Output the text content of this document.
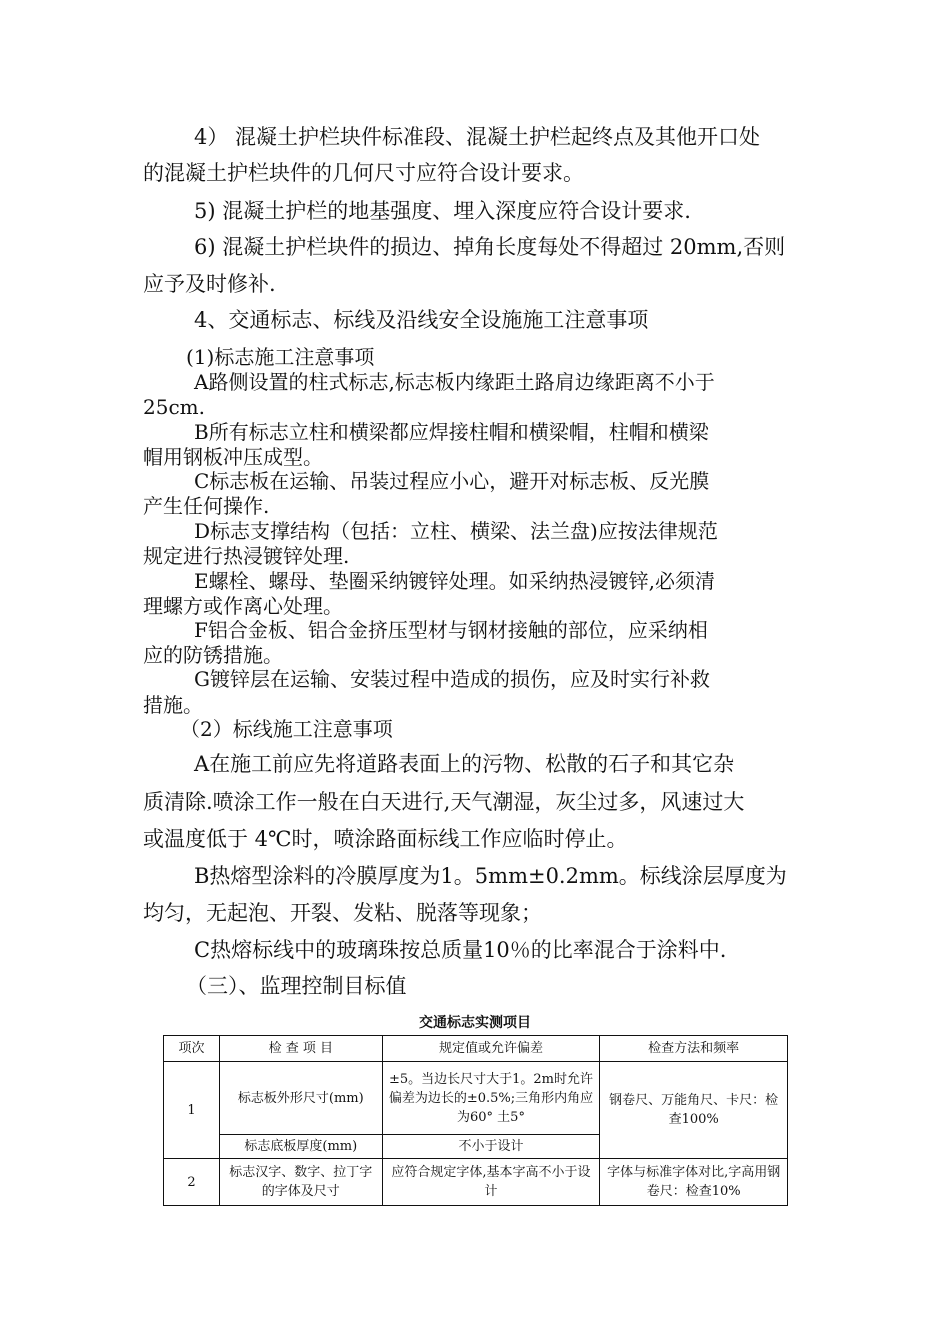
4） 混凝土护栏块件标准段、混凝土护栏起终点及其他开口处
的混凝土护栏块件的几何尺寸应符合设计要求。
5) 混凝土护栏的地基强度、埋入深度应符合设计要求.
6) 混凝土护栏块件的损边、掉角长度每处不得超过 20mm,否则
应予及时修补.
4、交通标志、标线及沿线安全设施施工注意事项
(1)标志施工注意事项
A路侧设置的柱式标志,标志板内缘距土路肩边缘距离不小于
25cm.
B所有标志立柱和横梁都应焊接柱帽和横梁帽，柱帽和横梁
帽用钢板冲压成型。
C标志板在运输、吊装过程应小心，避开对标志板、反光膜
产生任何操作.
D标志支撑结构（包括：立柱、横梁、法兰盘)应按法律规范
规定进行热浸镀锌处理.
E螺栓、螺母、垫圈采纳镀锌处理。如采纳热浸镀锌,必须清
理螺方或作离心处理。
F铝合金板、铝合金挤压型材与钢材接触的部位，应采纳相
应的防锈措施。
G镀锌层在运输、安装过程中造成的损伤，应及时实行补救
措施。
（2）标线施工注意事项
A在施工前应先将道路表面上的污物、松散的石子和其它杂
质清除.喷涂工作一般在白天进行,天气潮湿，灰尘过多，风速过大
或温度低于 4℃时，喷涂路面标线工作应临时停止。
B热熔型涂料的冷膜厚度为1。5mm±0.2mm。标线涂层厚度为
均匀，无起泡、开裂、发粘、脱落等现象；
C热熔标线中的玻璃珠按总质量10％的比率混合于涂料中.
（三）、监理控制目标值
交通标志实测项目
项次	检 查 项 目	规定值或允许偏差	检查方法和频率
1	标志板外形尺寸(mm)	±5。当边长尺寸大于1。2m时允许偏差为边长的±0.5%;三角形内角应为60° 土5°	钢卷尺、万能角尺、卡尺：检查100%
	标志底板厚度(mm)	不小于设计	
2	标志汉字、数字、拉丁字的字体及尺寸	应符合规定字体,基本字高不小于设计	字体与标准字体对比,字高用钢卷尺：检查10%
